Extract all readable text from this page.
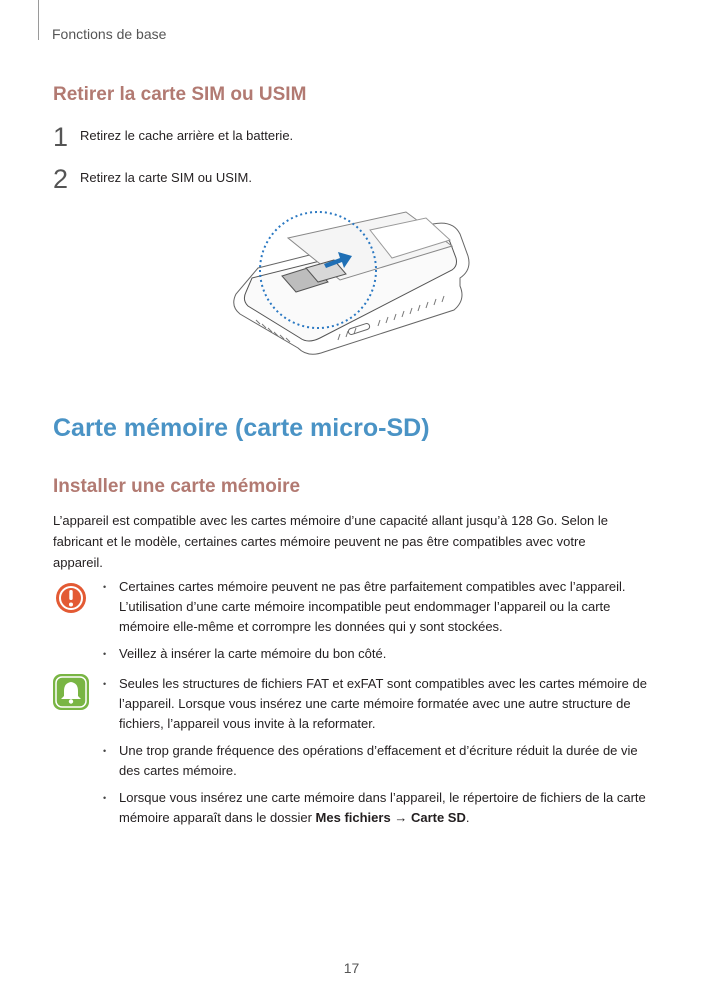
Fonctions de base
Retirer la carte SIM ou USIM
1 Retirez le cache arrière et la batterie.
2 Retirez la carte SIM ou USIM.
Carte mémoire (carte micro-SD)
Installer une carte mémoire

L’appareil est compatible avec les cartes mémoire d’une capacité allant jusqu’à 128 Go. Selon le fabricant et le modèle, certaines cartes mémoire peuvent ne pas être compatibles avec votre appareil.

• Certaines cartes mémoire peuvent ne pas être parfaitement compatibles avec l’appareil. L’utilisation d’une carte mémoire incompatible peut endommager l’appareil ou la carte mémoire elle-même et corrompre les données qui y sont stockées.
• Veillez à insérer la carte mémoire du bon côté.
• Seules les structures de fichiers FAT et exFAT sont compatibles avec les cartes mémoire de l’appareil. Lorsque vous insérez une carte mémoire formatée avec une autre structure de fichiers, l’appareil vous invite à la reformater.
• Une trop grande fréquence des opérations d’effacement et d’écriture réduit la durée de vie des cartes mémoire.
• Lorsque vous insérez une carte mémoire dans l’appareil, le répertoire de fichiers de la carte mémoire apparaît dans le dossier Mes fichiers → Carte SD.
17
